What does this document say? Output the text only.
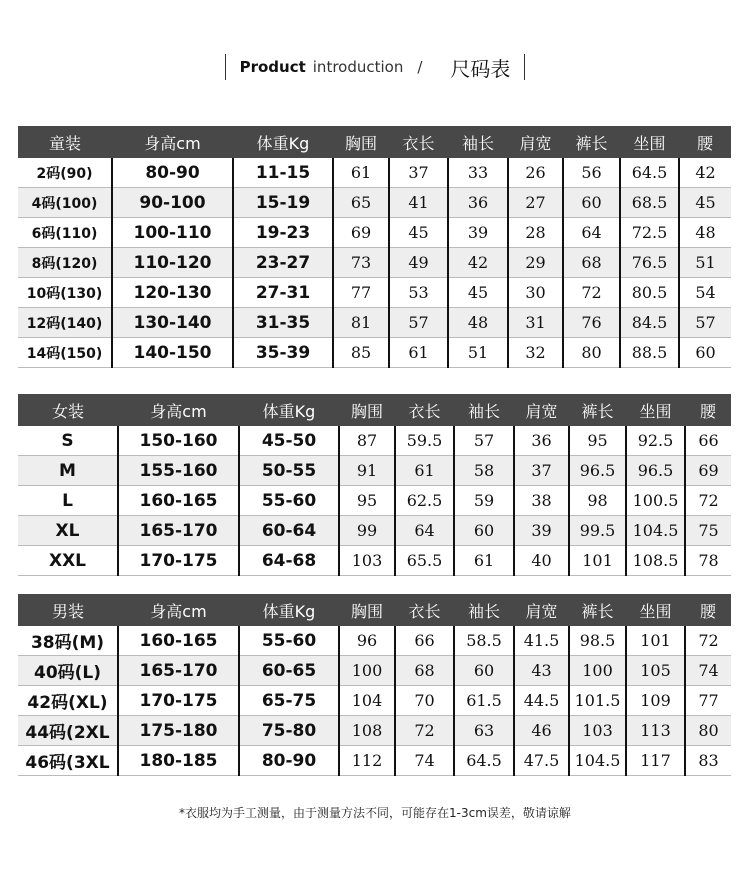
Product introduction / 尺码表
童装	身高cm	体重Kg	胸围	衣长	袖长	肩宽	裤长	坐围	腰
2码(90)	80-90	11-15	61	37	33	26	56	64.5	42
4码(100)	90-100	15-19	65	41	36	27	60	68.5	45
6码(110)	100-110	19-23	69	45	39	28	64	72.5	48
8码(120)	110-120	23-27	73	49	42	29	68	76.5	51
10码(130)	120-130	27-31	77	53	45	30	72	80.5	54
12码(140)	130-140	31-35	81	57	48	31	76	84.5	57
14码(150)	140-150	35-39	85	61	51	32	80	88.5	60
女装	身高cm	体重Kg	胸围	衣长	袖长	肩宽	裤长	坐围	腰
S	150-160	45-50	87	59.5	57	36	95	92.5	66
M	155-160	50-55	91	61	58	37	96.5	96.5	69
L	160-165	55-60	95	62.5	59	38	98	100.5	72
XL	165-170	60-64	99	64	60	39	99.5	104.5	75
XXL	170-175	64-68	103	65.5	61	40	101	108.5	78
男装	身高cm	体重Kg	胸围	衣长	袖长	肩宽	裤长	坐围	腰
38码(M)	160-165	55-60	96	66	58.5	41.5	98.5	101	72
40码(L)	165-170	60-65	100	68	60	43	100	105	74
42码(XL)	170-175	65-75	104	70	61.5	44.5	101.5	109	77
44码(2XL	175-180	75-80	108	72	63	46	103	113	80
46码(3XL	180-185	80-90	112	74	64.5	47.5	104.5	117	83
*衣服均为手工测量，由于测量方法不同，可能存在1-3cm误差，敬请谅解
